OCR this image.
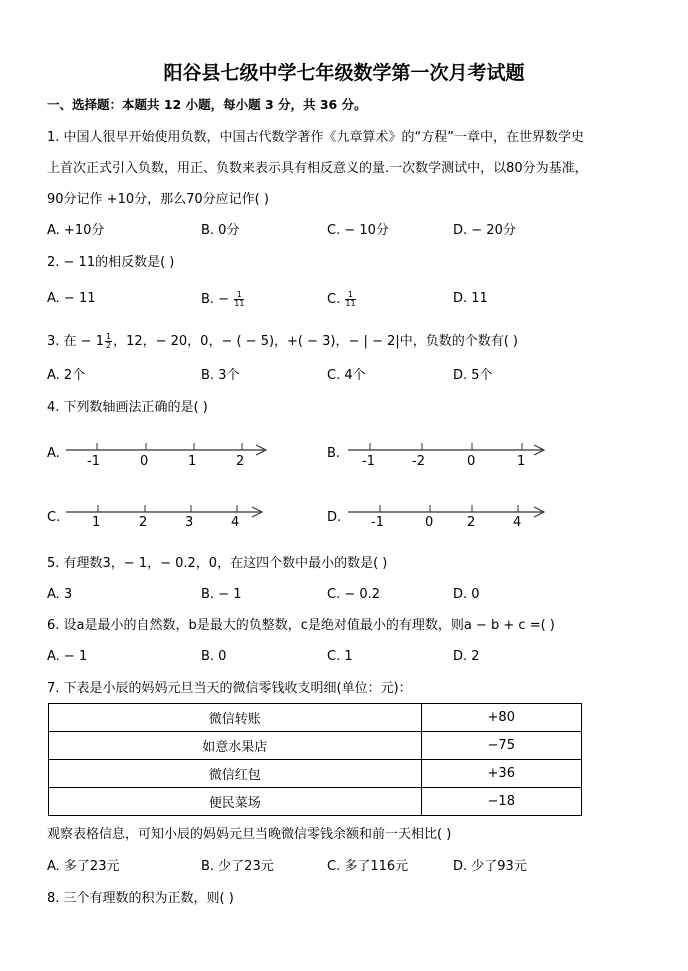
阳谷县七级中学七年级数学第一次月考试题
一、选择题：本题共 12 小题，每小题 3 分，共 36 分。
1. 中国人很早开始使用负数，中国古代数学著作《九章算术》的“方程”一章中，在世界数学史
上首次正式引入负数，用正、负数来表示具有相反意义的量.一次数学测试中，以80分为基准，
90分记作 +10分，那么70分应记作( )
A. +10分	B. 0分	C. − 10分	D. − 20分
2. − 11的相反数是( )
A. − 11	B. − $\frac{1}{11}$	C. $\frac{1}{11}$	D. 11
3. 在 − $1 \frac{1}{2}$ ，12，− 20，0，− ( − 5)，+( − 3)，− | − 2|中，负数的个数有( )
A. 2个	B. 3个	C. 4个	D. 5个
4. 下列数轴画法正确的是( )
A.
-1	0	1	2
B.
-1	-2	0	1
C. 1	2	3	4	D. -1	0	2	4
5. 有理数3，− 1，− 0.2，0，在这四个数中最小的数是( )
A. 3	B. − 1	C. − 0.2	D. 0
6. 设a是最小的自然数，b是最大的负整数，c是绝对值最小的有理数，则a − b + c =( )
A. − 1	B. 0	C. 1	D. 2
7. 下表是小辰的妈妈元旦当天的微信零钱收支明细(单位：元)：
微信转账	+80
如意水果店	−75
微信红包	+36
便民菜场	−18
观察表格信息，可知小辰的妈妈元旦当晚微信零钱余额和前一天相比( )
A. 多了23元	B. 少了23元	C. 多了116元	D. 少了93元
8. 三个有理数的积为正数，则( )
